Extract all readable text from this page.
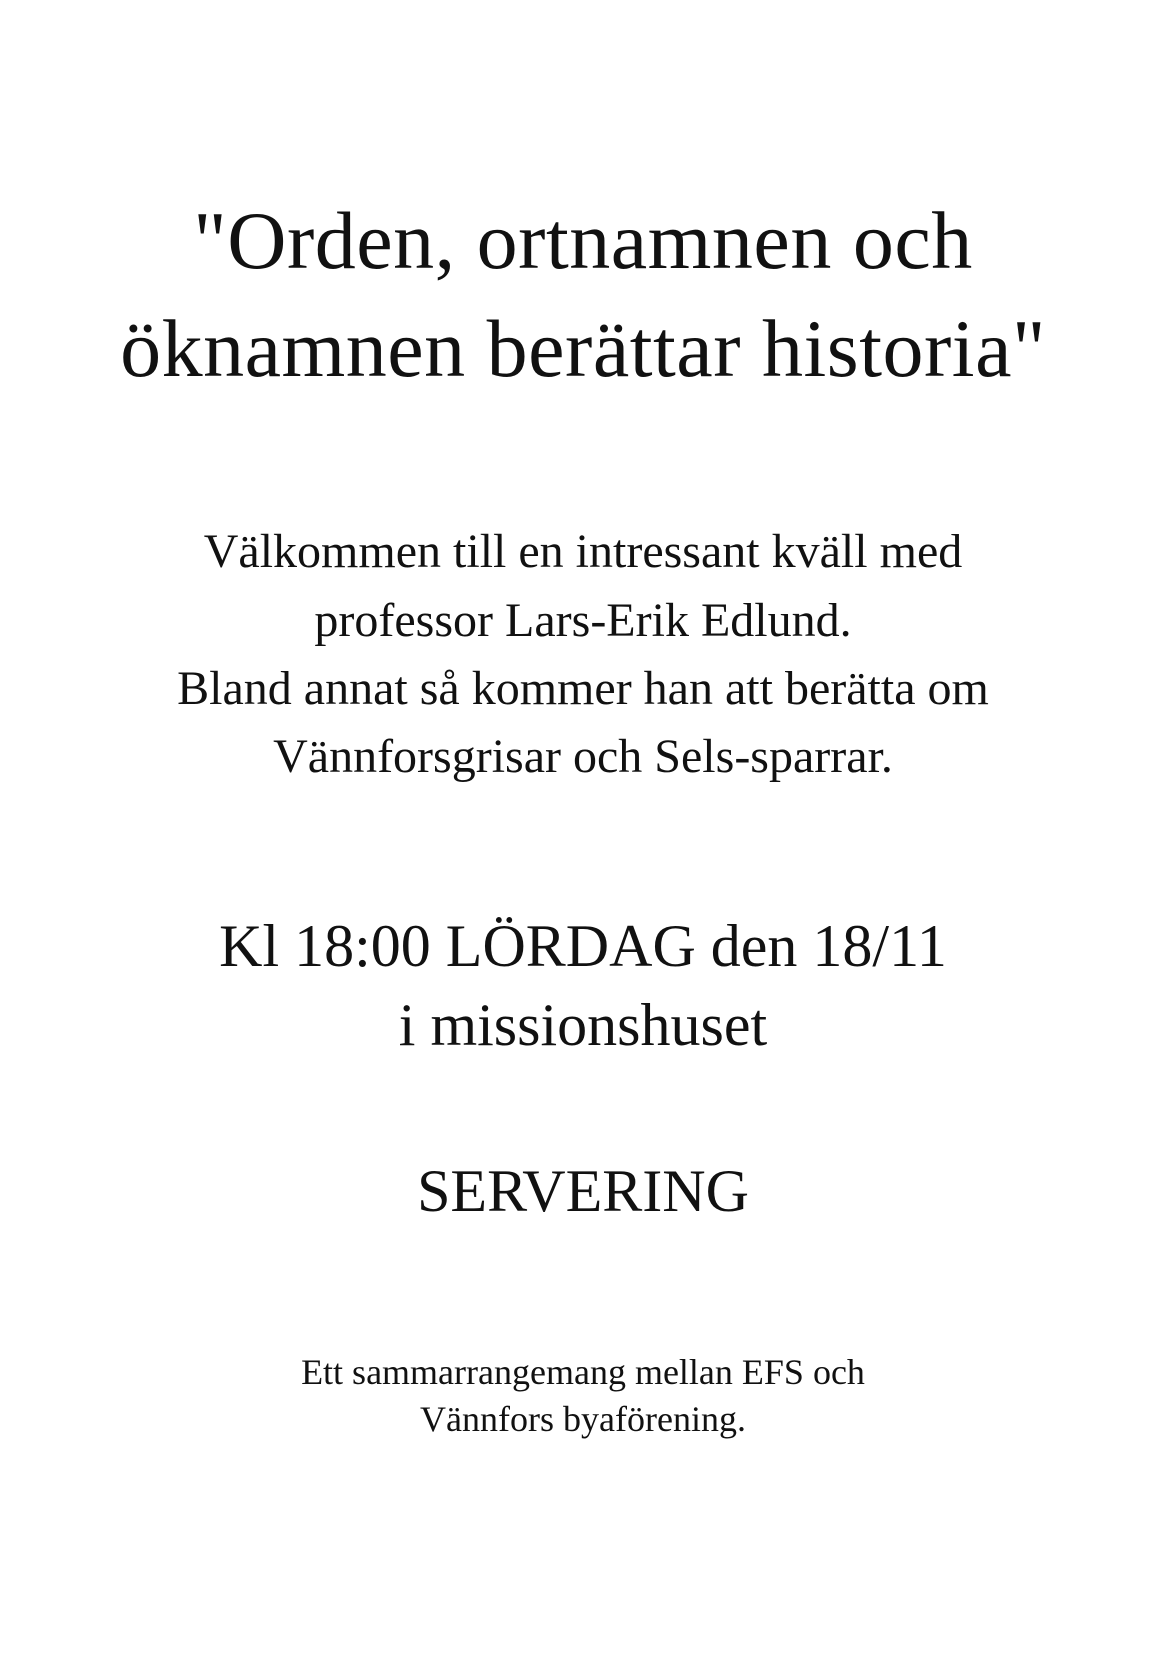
"Orden, ortnamnen och
öknamnen berättar historia"
Välkommen till en intressant kväll med
professor Lars-Erik Edlund.
Bland annat så kommer han att berätta om
Vännforsgrisar och Sels-sparrar.
Kl 18:00 LÖRDAG den 18/11
i missionshuset
SERVERING
Ett sammarrangemang mellan EFS och
Vännfors byaförening.
